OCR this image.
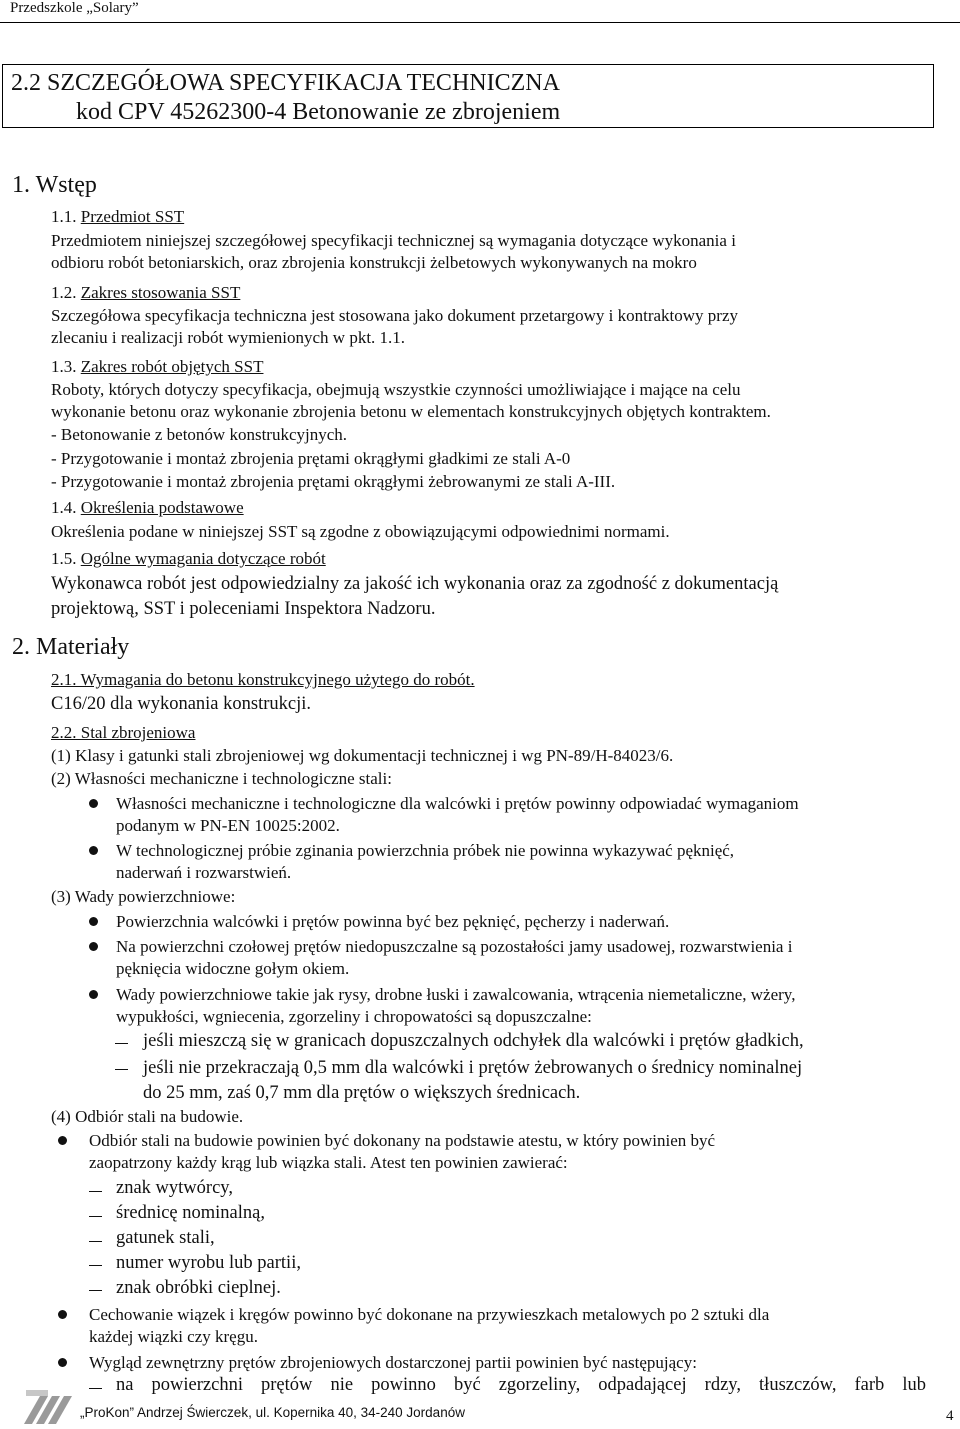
Przedszkole „Solary”
2.2 SZCZEGÓŁOWA SPECYFIKACJA TECHNICZNA
kod CPV 45262300-4 Betonowanie ze zbrojeniem
1. Wstęp
1.1. Przedmiot SST
Przedmiotem niniejszej szczegółowej specyfikacji technicznej są wymagania dotyczące wykonania i
odbioru robót betoniarskich, oraz zbrojenia konstrukcji żelbetowych wykonywanych na mokro
1.2. Zakres stosowania SST
Szczegółowa specyfikacja techniczna jest stosowana jako dokument przetargowy i kontraktowy przy
zlecaniu i realizacji robót wymienionych w pkt. 1.1.
1.3. Zakres robót objętych SST
Roboty, których dotyczy specyfikacja, obejmują wszystkie czynności umożliwiające i mające na celu
wykonanie betonu oraz wykonanie zbrojenia betonu w elementach konstrukcyjnych objętych kontraktem.
- Betonowanie z betonów konstrukcyjnych.
- Przygotowanie i montaż zbrojenia prętami okrągłymi gładkimi ze stali A-0
- Przygotowanie i montaż zbrojenia prętami okrągłymi żebrowanymi ze stali A-III.
1.4. Określenia podstawowe
Określenia podane w niniejszej SST są zgodne z obowiązującymi odpowiednimi normami.
1.5. Ogólne wymagania dotyczące robót
Wykonawca robót jest odpowiedzialny za jakość ich wykonania oraz za zgodność z dokumentacją
projektową, SST i poleceniami Inspektora Nadzoru.
2. Materiały
2.1. Wymagania do betonu konstrukcyjnego użytego do robót.
C16/20 dla wykonania konstrukcji.
2.2. Stal zbrojeniowa
(1) Klasy i gatunki stali zbrojeniowej wg dokumentacji technicznej i wg PN-89/H-84023/6.
(2) Własności mechaniczne i technologiczne stali:
Własności mechaniczne i technologiczne dla walcówki i prętów powinny odpowiadać wymaganiom
podanym w PN-EN 10025:2002.
W technologicznej próbie zginania powierzchnia próbek nie powinna wykazywać pęknięć,
naderwań i rozwarstwień.
(3) Wady powierzchniowe:
Powierzchnia walcówki i prętów powinna być bez pęknięć, pęcherzy i naderwań.
Na powierzchni czołowej prętów niedopuszczalne są pozostałości jamy usadowej, rozwarstwienia i
pęknięcia widoczne gołym okiem.
Wady powierzchniowe takie jak rysy, drobne łuski i zawalcowania, wtrącenia niemetaliczne, wżery,
wypukłości, wgniecenia, zgorzeliny i chropowatości są dopuszczalne:
jeśli mieszczą się w granicach dopuszczalnych odchyłek dla walcówki i prętów gładkich,
jeśli nie przekraczają 0,5 mm dla walcówki i prętów żebrowanych o średnicy nominalnej
do 25 mm, zaś 0,7 mm dla prętów o większych średnicach.
(4) Odbiór stali na budowie.
Odbiór stali na budowie powinien być dokonany na podstawie atestu, w który powinien być
zaopatrzony każdy krąg lub wiązka stali. Atest ten powinien zawierać:
znak wytwórcy,
średnicę nominalną,
gatunek stali,
numer wyrobu lub partii,
znak obróbki cieplnej.
Cechowanie wiązek i kręgów powinno być dokonane na przywieszkach metalowych po 2 sztuki dla
każdej wiązki czy kręgu.
Wygląd zewnętrzny prętów zbrojeniowych dostarczonej partii powinien być następujący:
na powierzchni prętów nie powinno być zgorzeliny, odpadającej rdzy, tłuszczów, farb lub
„ProKon” Andrzej Świerczek, ul. Kopernika 40, 34-240 Jordanów	4
